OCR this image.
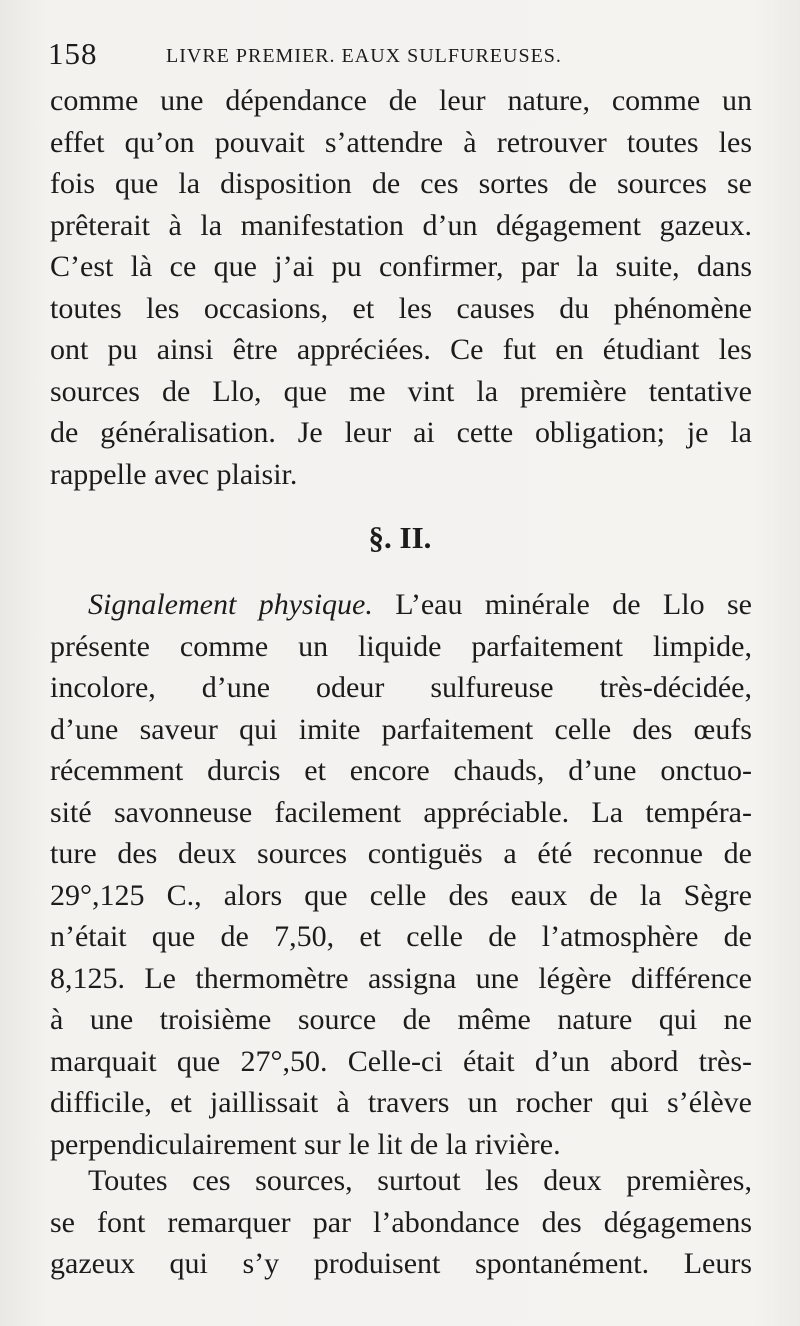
158	LIVRE PREMIER. EAUX SULFUREUSES.
comme une dépendance de leur nature, comme un
effet qu’on pouvait s’attendre à retrouver toutes les
fois que la disposition de ces sortes de sources se
prêterait à la manifestation d’un dégagement gazeux.
C’est là ce que j’ai pu confirmer, par la suite, dans
toutes les occasions, et les causes du phénomène
ont pu ainsi être appréciées. Ce fut en étudiant les
sources de Llo, que me vint la première tentative
de généralisation. Je leur ai cette obligation; je la
rappelle avec plaisir.
§. II.
Signalement physique. L’eau minérale de Llo se
présente comme un liquide parfaitement limpide,
incolore, d’une odeur sulfureuse très-décidée,
d’une saveur qui imite parfaitement celle des œufs
récemment durcis et encore chauds, d’une onctuo-
sité savonneuse facilement appréciable. La tempéra-
ture des deux sources contiguës a été reconnue de
29°,125 C., alors que celle des eaux de la Sègre
n’était que de 7,50, et celle de l’atmosphère de
8,125. Le thermomètre assigna une légère différence
à une troisième source de même nature qui ne
marquait que 27°,50. Celle-ci était d’un abord très-
difficile, et jaillissait à travers un rocher qui s’élève
perpendiculairement sur le lit de la rivière.
Toutes ces sources, surtout les deux premières,
se font remarquer par l’abondance des dégagemens
gazeux qui s’y produisent spontanément. Leurs
